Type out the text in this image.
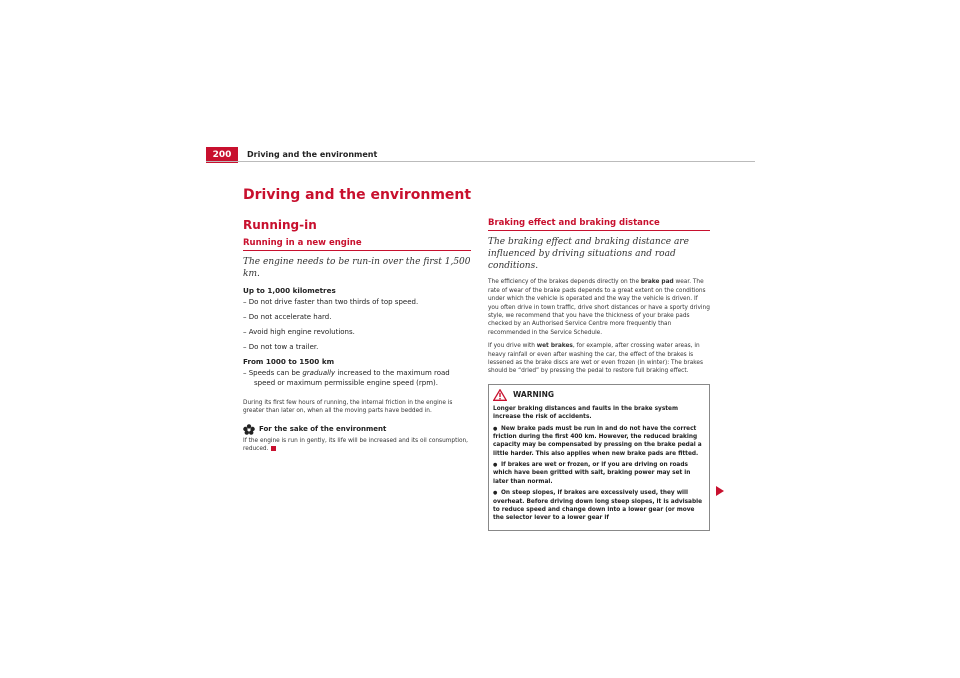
200	Driving and the environment
Driving and the environment
Running-in
Running in a new engine
The engine needs to be run-in over the first 1,500 km.
Up to 1,000 kilometres
– Do not drive faster than two thirds of top speed.
– Do not accelerate hard.
– Avoid high engine revolutions.
– Do not tow a trailer.
From 1000 to 1500 km
– Speeds can be gradually increased to the maximum road speed or maximum permissible engine speed (rpm).
During its first few hours of running, the internal friction in the engine is greater than later on, when all the moving parts have bedded in.
For the sake of the environment
If the engine is run in gently, its life will be increased and its oil consumption, reduced.
Braking effect and braking distance
The braking effect and braking distance are influenced by driving situations and road conditions.
The efficiency of the brakes depends directly on the brake pad wear. The rate of wear of the brake pads depends to a great extent on the conditions under which the vehicle is operated and the way the vehicle is driven. If you often drive in town traffic, drive short distances or have a sporty driving style, we recommend that you have the thickness of your brake pads checked by an Authorised Service Centre more frequently than recommended in the Service Schedule.
If you drive with wet brakes, for example, after crossing water areas, in heavy rainfall or even after washing the car, the effect of the brakes is lessened as the brake discs are wet or even frozen (in winter): The brakes should be “dried” by pressing the pedal to restore full braking effect.
WARNING
Longer braking distances and faults in the brake system increase the risk of accidents.
● New brake pads must be run in and do not have the correct friction during the first 400 km. However, the reduced braking capacity may be compensated by pressing on the brake pedal a little harder. This also applies when new brake pads are fitted.
● If brakes are wet or frozen, or if you are driving on roads which have been gritted with salt, braking power may set in later than normal.
● On steep slopes, if brakes are excessively used, they will overheat. Before driving down long steep slopes, it is advisable to reduce speed and change down into a lower gear (or move the selector lever to a lower gear if
